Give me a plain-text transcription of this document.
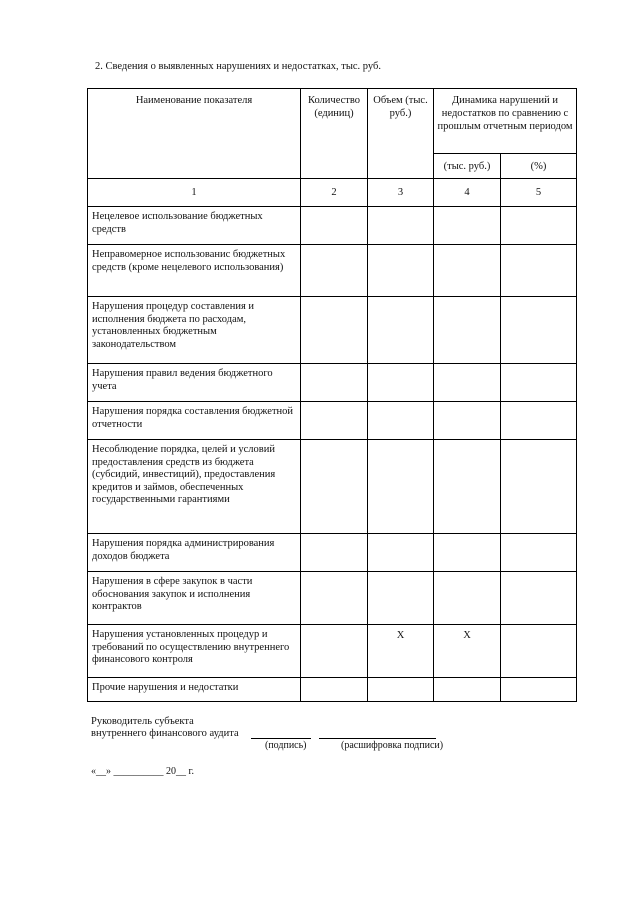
2. Сведения о выявленных нарушениях и недостатках, тыс. руб.
Наименование показателя	Количество (единиц)	Объем (тыс. руб.)	Динамика нарушений и недостатков по сравнению с прошлым отчетным периодом	
			(тыс. руб.)	(%)
1	2	3	4	5
Нецелевое использование бюджетных средств				
Неправомерное использованис бюджетных средств (кроме нецелевого использования)				
Нарушения процедур составления и исполнения бюджета по расходам, установленных бюджетным законодательством				
Нарушения правил ведения бюджетного учета				
Нарушения порядка составления бюджетной отчетности				
Несоблюдение порядка, целей и условий предоставления средств из бюджета (субсидий, инвестиций), предоставления кредитов и займов, обеспеченных государственными гарантиями				
Нарушения порядка администрирования доходов бюджета				
Нарушения в сфере закупок в части обоснования закупок и исполнения контрактов				
Нарушения установленных процедур и требований по осуществлению внутреннего финансового контроля		X	X	
Прочие нарушения и недостатки				
Руководитель субъекта
внутреннего финансового аудита
(подпись)	(расшифровка подписи)
«__» __________ 20__ г.
